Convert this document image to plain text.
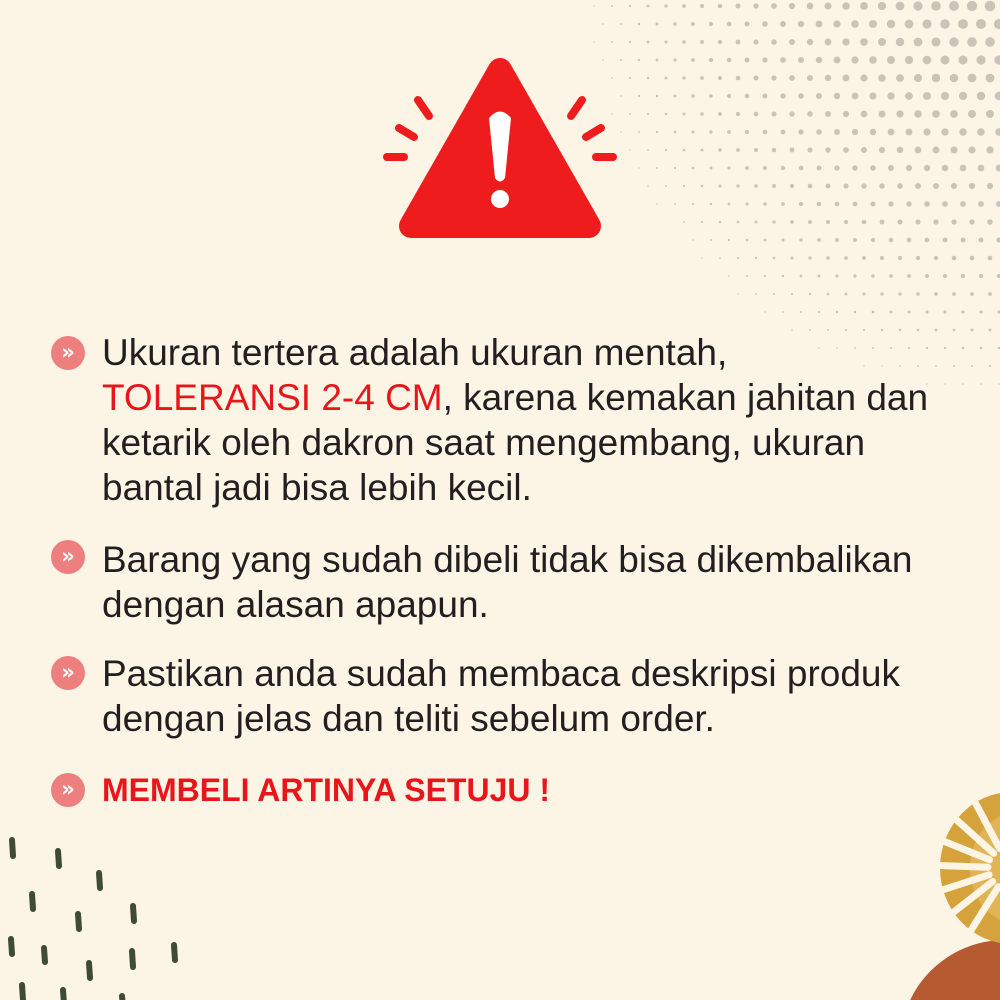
» Ukuran tertera adalah ukuran mentah,
TOLERANSI 2-4 CM, karena kemakan jahitan dan
ketarik oleh dakron saat mengembang, ukuran
bantal jadi bisa lebih kecil.
» Barang yang sudah dibeli tidak bisa dikembalikan
dengan alasan apapun.
» Pastikan anda sudah membaca deskripsi produk
dengan jelas dan teliti sebelum order.
» MEMBELI ARTINYA SETUJU !
